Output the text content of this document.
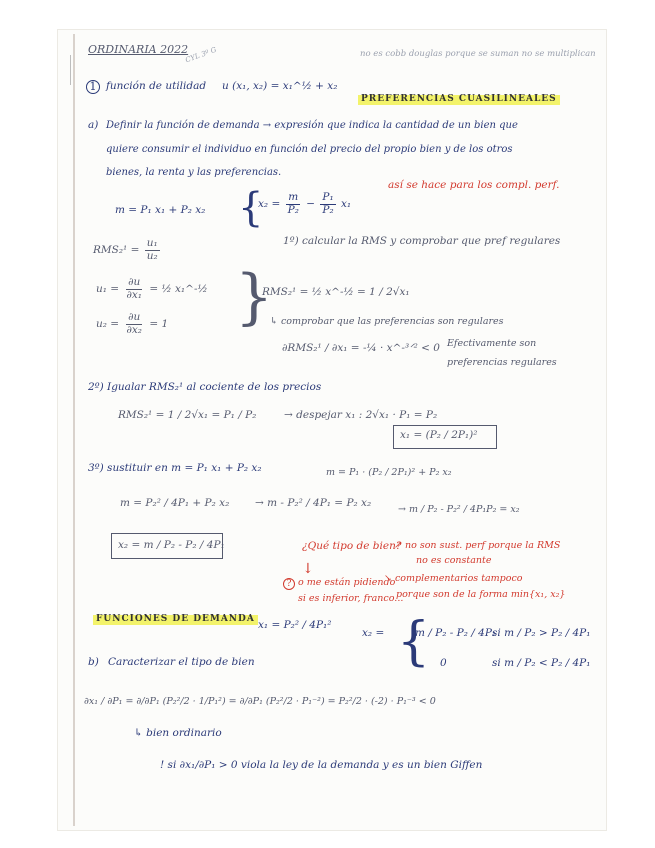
ORDINARIA 2022
CYL 3º G	no es cobb douglas porque se suman no se multiplican
1 función de utilidad u (x₁, x₂) = x₁^½ + x₂
PREFERENCIAS CUASILINEALES
a) Definir la función de demanda → expresión que indica la cantidad de un bien que
quiere consumir el individuo en función del precio del propio bien y de los otros
bienes, la renta y las preferencias.
así se hace para los compl. perf.
m = P₁ x₁ + P₂ x₂ {
$x_2 = \frac{m}{\text{P₂}} - \frac{\text{P₁}}{\text{P₂}} x_1$
1º) calcular la RMS y comprobar que pref regulares
$RMS_2^1 = \frac{\text{u₁}}{\text{u₂}}$
$u_1 = \frac{\partial u}{\text{∂x₁}}$ = ½ x₁^-½
$u_2 = \frac{\partial u}{\text{∂x₂}} = 1$ }
RMS₂¹ = ½ x^-½ = 1 / 2√x₁
↳ comprobar que las preferencias son regulares
∂RMS₂¹ / ∂x₁ = -¼ · x^-³ᐟ² < 0 Efectivamente son
preferencias regulares
2º) Igualar RMS₂¹ al cociente de los precios
RMS₂¹ = 1 / 2√x₁ = P₁ / P₂	→ despejar x₁ : 2√x₁ · P₁ = P₂
x₁ = (P₂ / 2P₁)²
3º) sustituir en m = P₁ x₁ + P₂ x₂	m = P₁ · (P₂ / 2P₁)² + P₂ x₂
m = P₂² / 4P₁ + P₂ x₂ → m - P₂² / 4P₁ = P₂ x₂
→ m / P₂ - P₂² / 4P₁P₂ = x₂
x₂ = m / P₂ - P₂ / 4P₁	¿Qué tipo de bien?
↗ no son sust. perf porque la RMS
no es constante
↓
↘ complementarios tampoco
porque son de la forma min{x₁, x₂}
? o me están pidiendo
si es inferior, franco...
FUNCIONES DE DEMANDA x₁ = P₂² / 4P₁²
x₂ = {
m / P₂ - P₂ / 4P₁
si m / P₂ > P₂ / 4P₁
0	si m / P₂ < P₂ / 4P₁
b) Caracterizar el tipo de bien
∂x₁ / ∂P₁ = ∂/∂P₁ (P₂²/2 · 1/P₁²) = ∂/∂P₁ (P₂²/2 · P₁⁻²) = P₂²/2 · (-2) · P₁⁻³ < 0
↳ bien ordinario
! si ∂x₁/∂P₁ > 0 viola la ley de la demanda y es un bien Giffen
